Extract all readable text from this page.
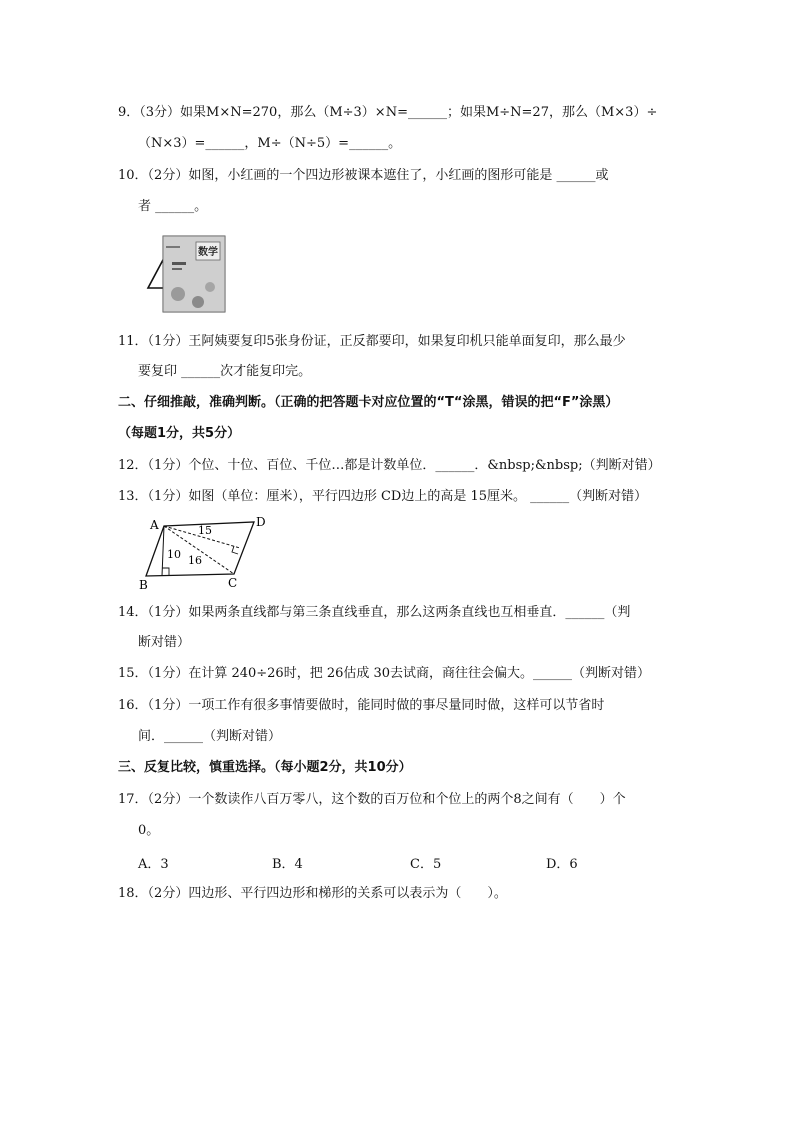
9．（3分）如果M×N=270，那么（M÷3）×N=______；如果M÷N=27，那么（M×3）÷
（N×3）=______，M÷（N÷5）=______。
10．（2分）如图，小红画的一个四边形被课本遮住了，小红画的图形可能是 ______或
者 ______。
数学
11．（1分）王阿姨要复印5张身份证，正反都要印，如果复印机只能单面复印，那么最少
要复印 ______次才能复印完。
二、仔细推敲，准确判断。（正确的把答题卡对应位置的“T“涂黑，错误的把“F”涂黑）
（每题1分，共5分）
12．（1分）个位、十位、百位、千位…都是计数单位．______．&nbsp;&nbsp;（判断对错）
13．（1分）如图（单位：厘米），平行四边形 CD边上的高是 15厘米。 ______（判断对错）
A	D
B	C
15
10 16
14．（1分）如果两条直线都与第三条直线垂直，那么这两条直线也互相垂直．______（判
断对错）
15．（1分）在计算 240÷26时，把 26估成 30去试商，商往往会偏大。______（判断对错）
16．（1分）一项工作有很多事情要做时，能同时做的事尽量同时做，这样可以节省时
间．______（判断对错）
三、反复比较，慎重选择。（每小题2分，共10分）
17．（2分）一个数读作八百万零八，这个数的百万位和个位上的两个8之间有（　　）个
0。
A．3	B．4	C．5	D．6
18．（2分）四边形、平行四边形和梯形的关系可以表示为（　　）。
